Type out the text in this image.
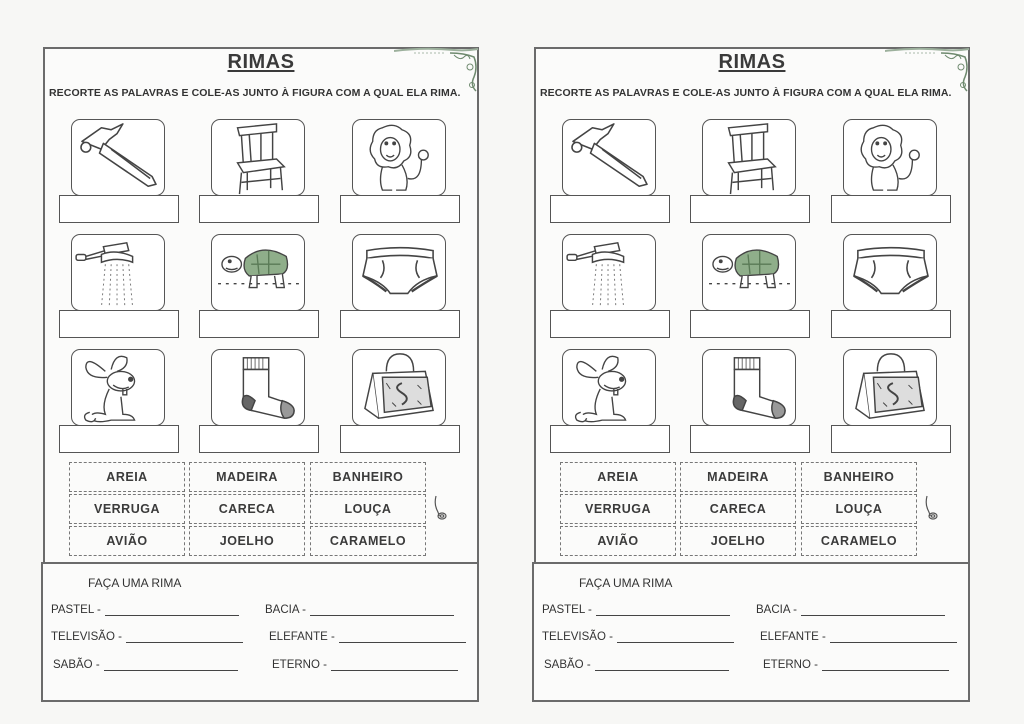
RIMAS
RECORTE AS PALAVRAS E COLE-AS JUNTO À FIGURA COM A QUAL ELA RIMA.
AREIA	MADEIRA	BANHEIRO
VERRUGA	CARECA	LOUÇA
AVIÃO	JOELHO	CARAMELO
FAÇA UMA RIMA
PASTEL -	BACIA -
TELEVISÃO -	ELEFANTE -
SABÃO -	ETERNO -
RIMAS
RECORTE AS PALAVRAS E COLE-AS JUNTO À FIGURA COM A QUAL ELA RIMA.
AREIA	MADEIRA	BANHEIRO
VERRUGA	CARECA	LOUÇA
AVIÃO	JOELHO	CARAMELO
FAÇA UMA RIMA
PASTEL -	BACIA -
TELEVISÃO -	ELEFANTE -
SABÃO -	ETERNO -
